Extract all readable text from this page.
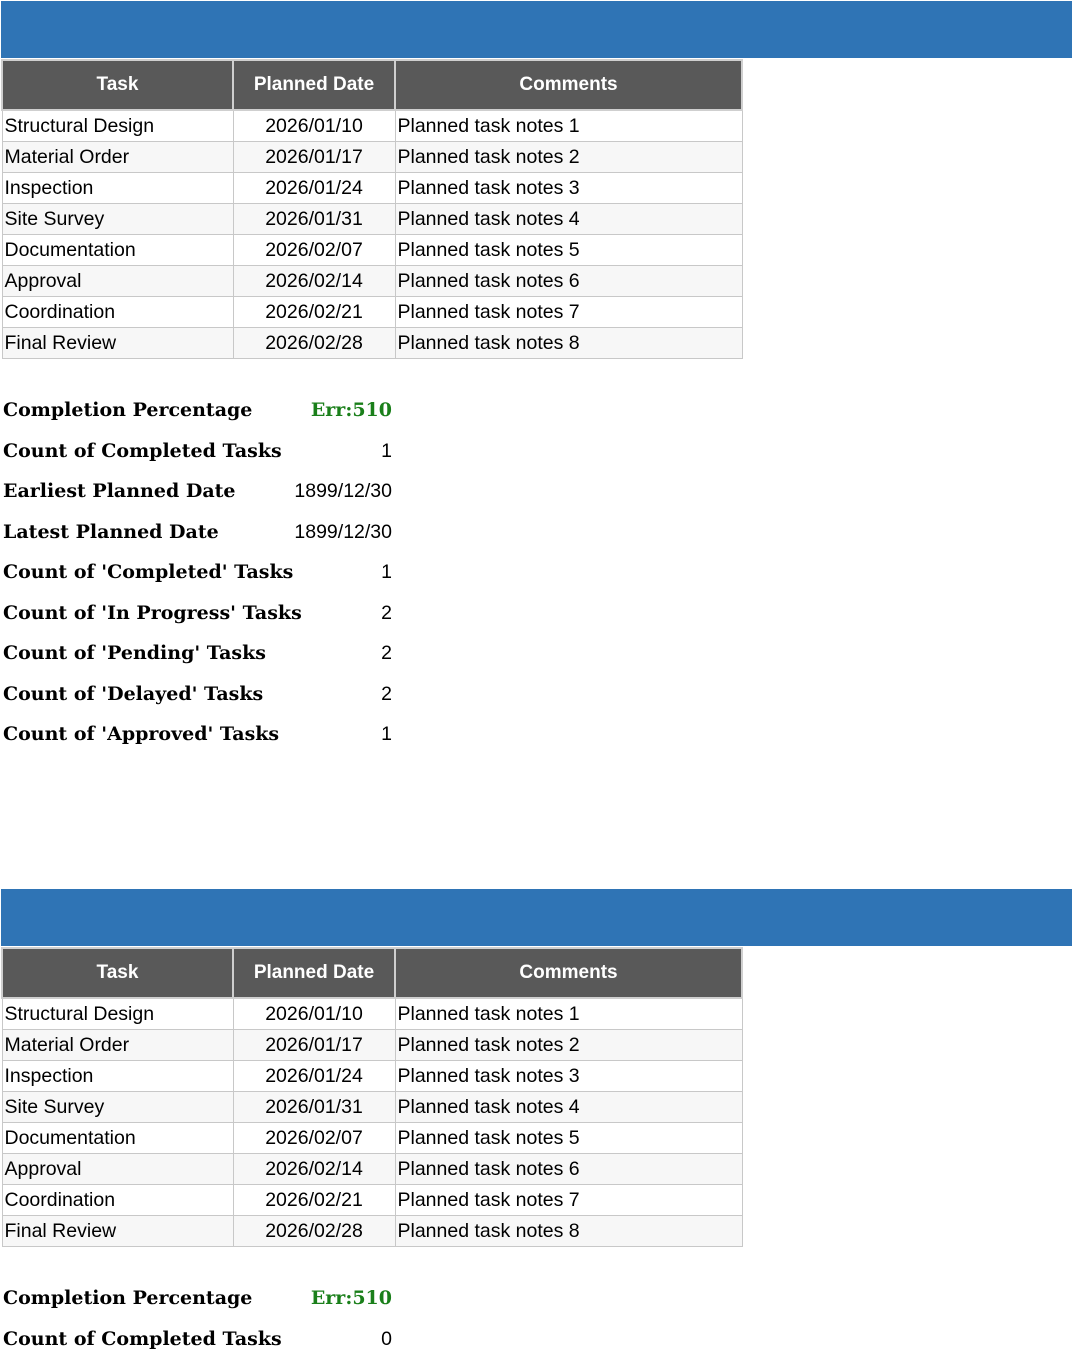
Task	Planned Date	Comments
Structural Design	2026/01/10	Planned task notes 1
Material Order	2026/01/17	Planned task notes 2
Inspection	2026/01/24	Planned task notes 3
Site Survey	2026/01/31	Planned task notes 4
Documentation	2026/02/07	Planned task notes 5
Approval	2026/02/14	Planned task notes 6
Coordination	2026/02/21	Planned task notes 7
Final Review	2026/02/28	Planned task notes 8
Completion Percentage	Err:510
Count of Completed Tasks	1
Earliest Planned Date	1899/12/30
Latest Planned Date	1899/12/30
Count of 'Completed' Tasks	1
Count of 'In Progress' Tasks	2
Count of 'Pending' Tasks	2
Count of 'Delayed' Tasks	2
Count of 'Approved' Tasks	1
Task	Planned Date	Comments
Structural Design	2026/01/10	Planned task notes 1
Material Order	2026/01/17	Planned task notes 2
Inspection	2026/01/24	Planned task notes 3
Site Survey	2026/01/31	Planned task notes 4
Documentation	2026/02/07	Planned task notes 5
Approval	2026/02/14	Planned task notes 6
Coordination	2026/02/21	Planned task notes 7
Final Review	2026/02/28	Planned task notes 8
Completion Percentage	Err:510
Count of Completed Tasks	0
